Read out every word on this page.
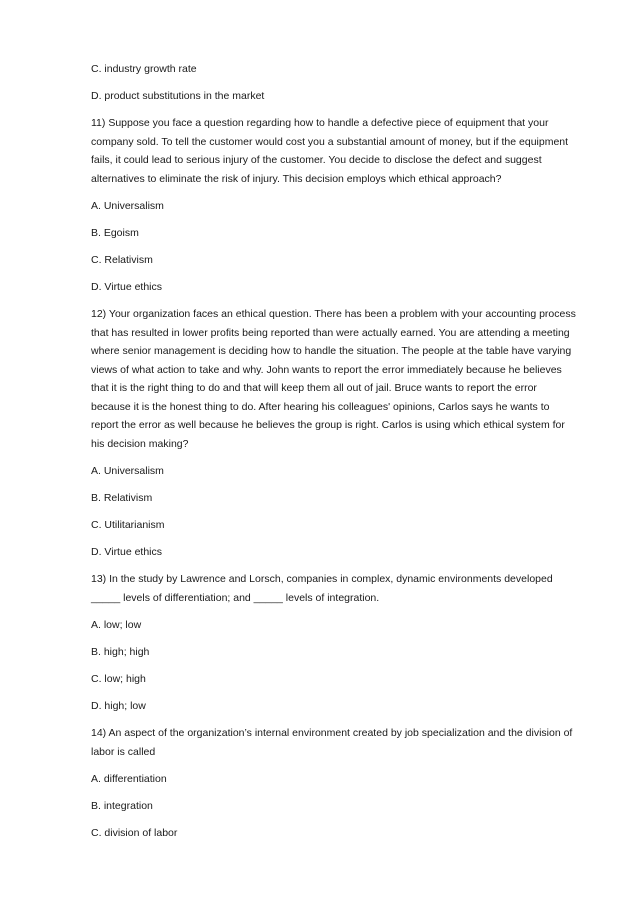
C. industry growth rate
D. product substitutions in the market
11) Suppose you face a question regarding how to handle a defective piece of equipment that your
company sold. To tell the customer would cost you a substantial amount of money, but if the equipment
fails, it could lead to serious injury of the customer. You decide to disclose the defect and suggest
alternatives to eliminate the risk of injury. This decision employs which ethical approach?
A. Universalism
B. Egoism
C. Relativism
D. Virtue ethics
12) Your organization faces an ethical question. There has been a problem with your accounting process
that has resulted in lower profits being reported than were actually earned. You are attending a meeting
where senior management is deciding how to handle the situation. The people at the table have varying
views of what action to take and why. John wants to report the error immediately because he believes
that it is the right thing to do and that will keep them all out of jail. Bruce wants to report the error
because it is the honest thing to do. After hearing his colleagues' opinions, Carlos says he wants to
report the error as well because he believes the group is right. Carlos is using which ethical system for
his decision making?
A. Universalism
B. Relativism
C. Utilitarianism
D. Virtue ethics
13) In the study by Lawrence and Lorsch, companies in complex, dynamic environments developed
_____ levels of differentiation; and _____ levels of integration.
A. low; low
B. high; high
C. low; high
D. high; low
14) An aspect of the organization’s internal environment created by job specialization and the division of
labor is called
A. differentiation
B. integration
C. division of labor
